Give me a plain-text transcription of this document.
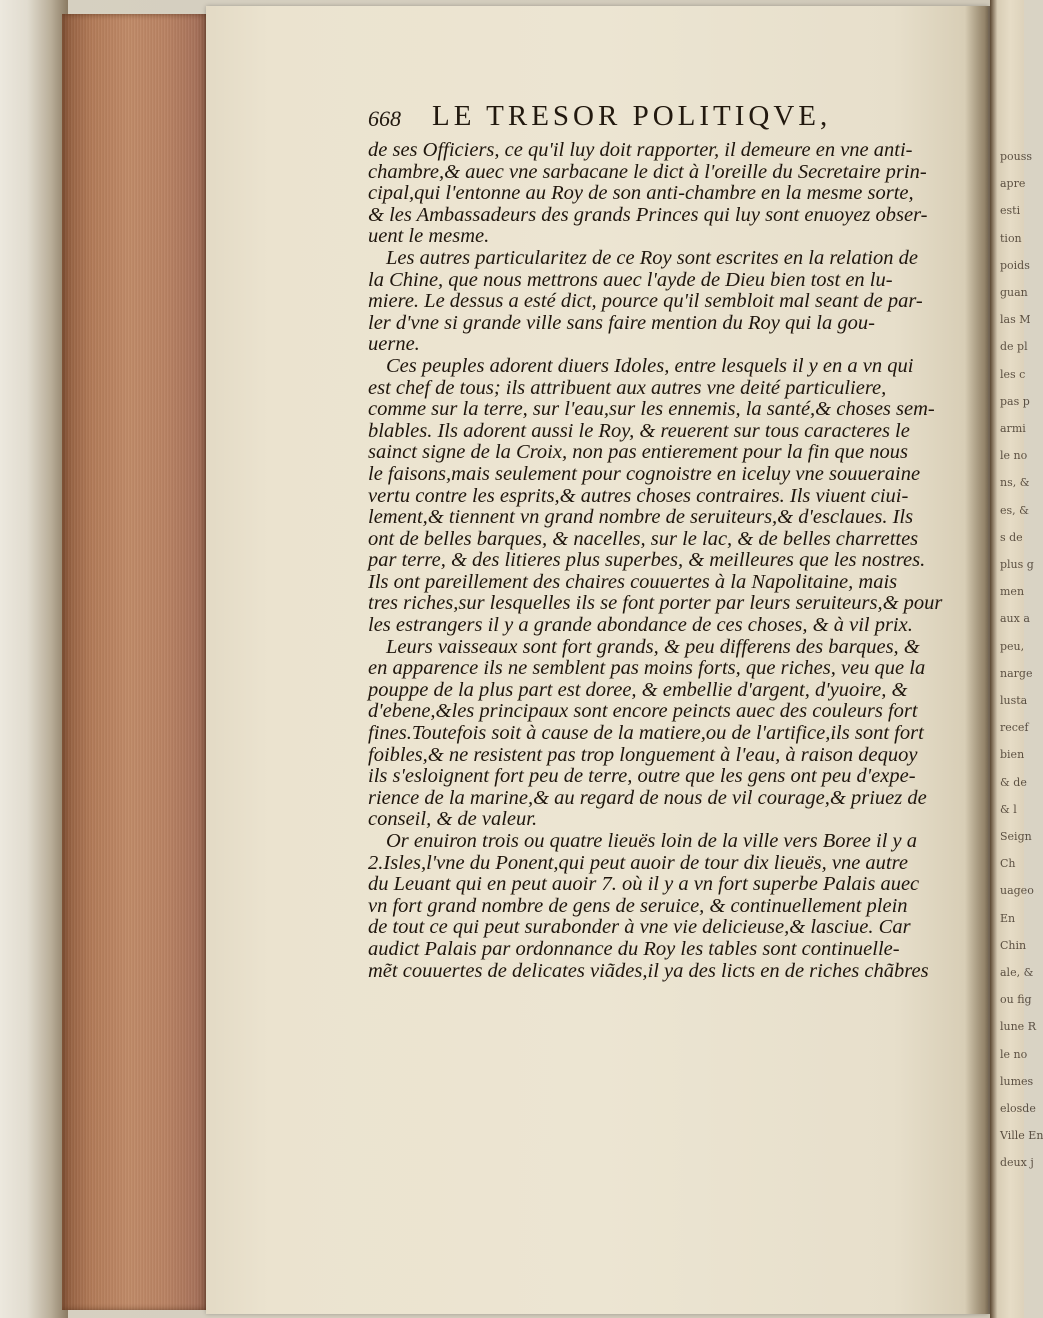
pouss
apre
esti
tion
poids
guan
las M
de pl
les c
pas p
armi
le no
ns, &
es, &
s de
plus g
men
aux a
peu,
narge
lusta
recef
bien
& de
& l
Seign
Ch
uageo
En
Chin
ale, &
ou fig
lune R
le no
lumes
elosde
Ville En
deux j
668 LE TRESOR POLITIQVE,
de ses Officiers, ce qu'il luy doit rapporter, il demeure en vne anti-
chambre,& auec vne sarbacane le dict à l'oreille du Secretaire prin-
cipal,qui l'entonne au Roy de son anti-chambre en la mesme sorte,
& les Ambassadeurs des grands Princes qui luy sont enuoyez obser-
uent le mesme.
Les autres particularitez de ce Roy sont escrites en la relation de
la Chine, que nous mettrons auec l'ayde de Dieu bien tost en lu-
miere. Le dessus a esté dict, pource qu'il sembloit mal seant de par-
ler d'vne si grande ville sans faire mention du Roy qui la gou-
uerne.
Ces peuples adorent diuers Idoles, entre lesquels il y en a vn qui
est chef de tous; ils attribuent aux autres vne deité particuliere,
comme sur la terre, sur l'eau,sur les ennemis, la santé,& choses sem-
blables. Ils adorent aussi le Roy, & reuerent sur tous caracteres le
sainct signe de la Croix, non pas entierement pour la fin que nous
le faisons,mais seulement pour cognoistre en iceluy vne souueraine
vertu contre les esprits,& autres choses contraires. Ils viuent ciui-
lement,& tiennent vn grand nombre de seruiteurs,& d'esclaues. Ils
ont de belles barques, & nacelles, sur le lac, & de belles charrettes
par terre, & des litieres plus superbes, & meilleures que les nostres.
Ils ont pareillement des chaires couuertes à la Napolitaine, mais
tres riches,sur lesquelles ils se font porter par leurs seruiteurs,& pour
les estrangers il y a grande abondance de ces choses, & à vil prix.
Leurs vaisseaux sont fort grands, & peu differens des barques, &
en apparence ils ne semblent pas moins forts, que riches, veu que la
pouppe de la plus part est doree, & embellie d'argent, d'yuoire, &
d'ebene,&les principaux sont encore peincts auec des couleurs fort
fines.Toutefois soit à cause de la matiere,ou de l'artifice,ils sont fort
foibles,& ne resistent pas trop longuement à l'eau, à raison dequoy
ils s'esloignent fort peu de terre, outre que les gens ont peu d'expe-
rience de la marine,& au regard de nous de vil courage,& priuez de
conseil, & de valeur.
Or enuiron trois ou quatre lieuës loin de la ville vers Boree il y a
2.Isles,l'vne du Ponent,qui peut auoir de tour dix lieuës, vne autre
du Leuant qui en peut auoir 7. où il y a vn fort superbe Palais auec
vn fort grand nombre de gens de seruice, & continuellement plein
de tout ce qui peut surabonder à vne vie delicieuse,& lasciue. Car
audict Palais par ordonnance du Roy les tables sont continuelle-
mẽt couuertes de delicates viãdes,il ya des licts en de riches chãbres
